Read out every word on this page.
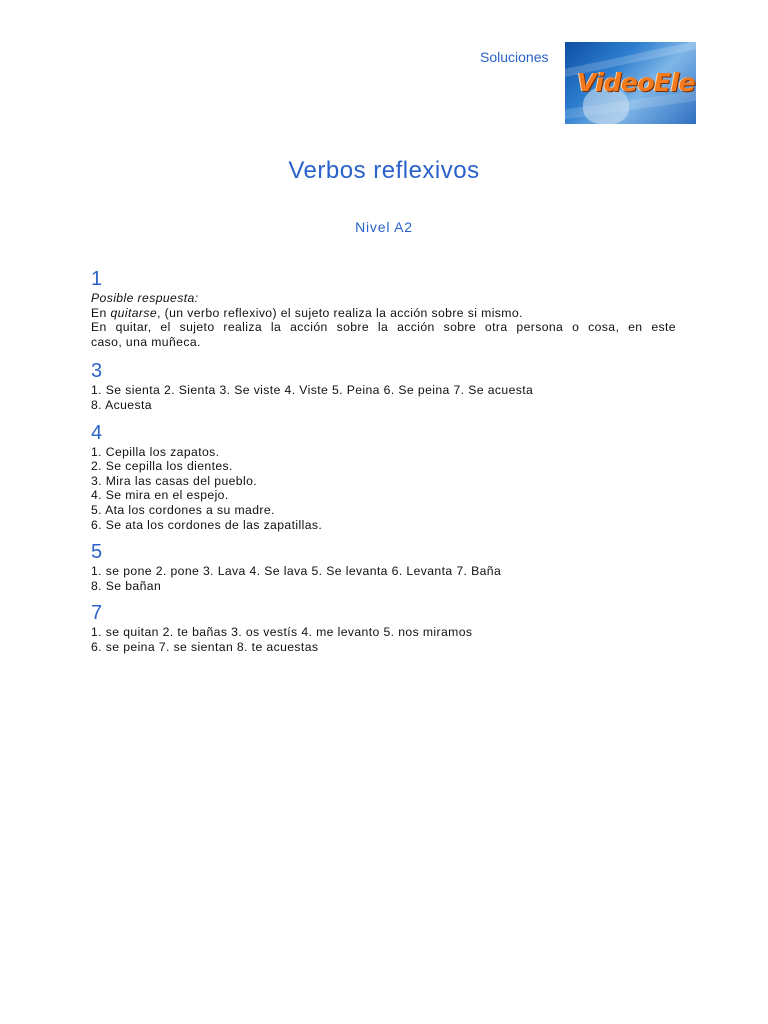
Soluciones
VideoEle
Verbos reflexivos
Nivel A2

1

Posible respuesta:

En quitarse, (un verbo reflexivo) el sujeto realiza la acción sobre si mismo.

En quitar, el sujeto realiza la acción sobre la acción sobre otra persona o cosa, en este

caso, una muñeca.

3

1. Se sienta 2. Sienta 3. Se viste 4. Viste 5. Peina 6. Se peina 7. Se acuesta

8. Acuesta

4

1. Cepilla los zapatos.

2. Se cepilla los dientes.

3. Mira las casas del pueblo.

4. Se mira en el espejo.

5. Ata los cordones a su madre.

6. Se ata los cordones de las zapatillas.

5

1. se pone 2. pone 3. Lava 4. Se lava 5. Se levanta 6. Levanta 7. Baña

8. Se bañan

7

1. se quitan 2. te bañas 3. os vestís 4. me levanto 5. nos miramos

6. se peina 7. se sientan 8. te acuestas
